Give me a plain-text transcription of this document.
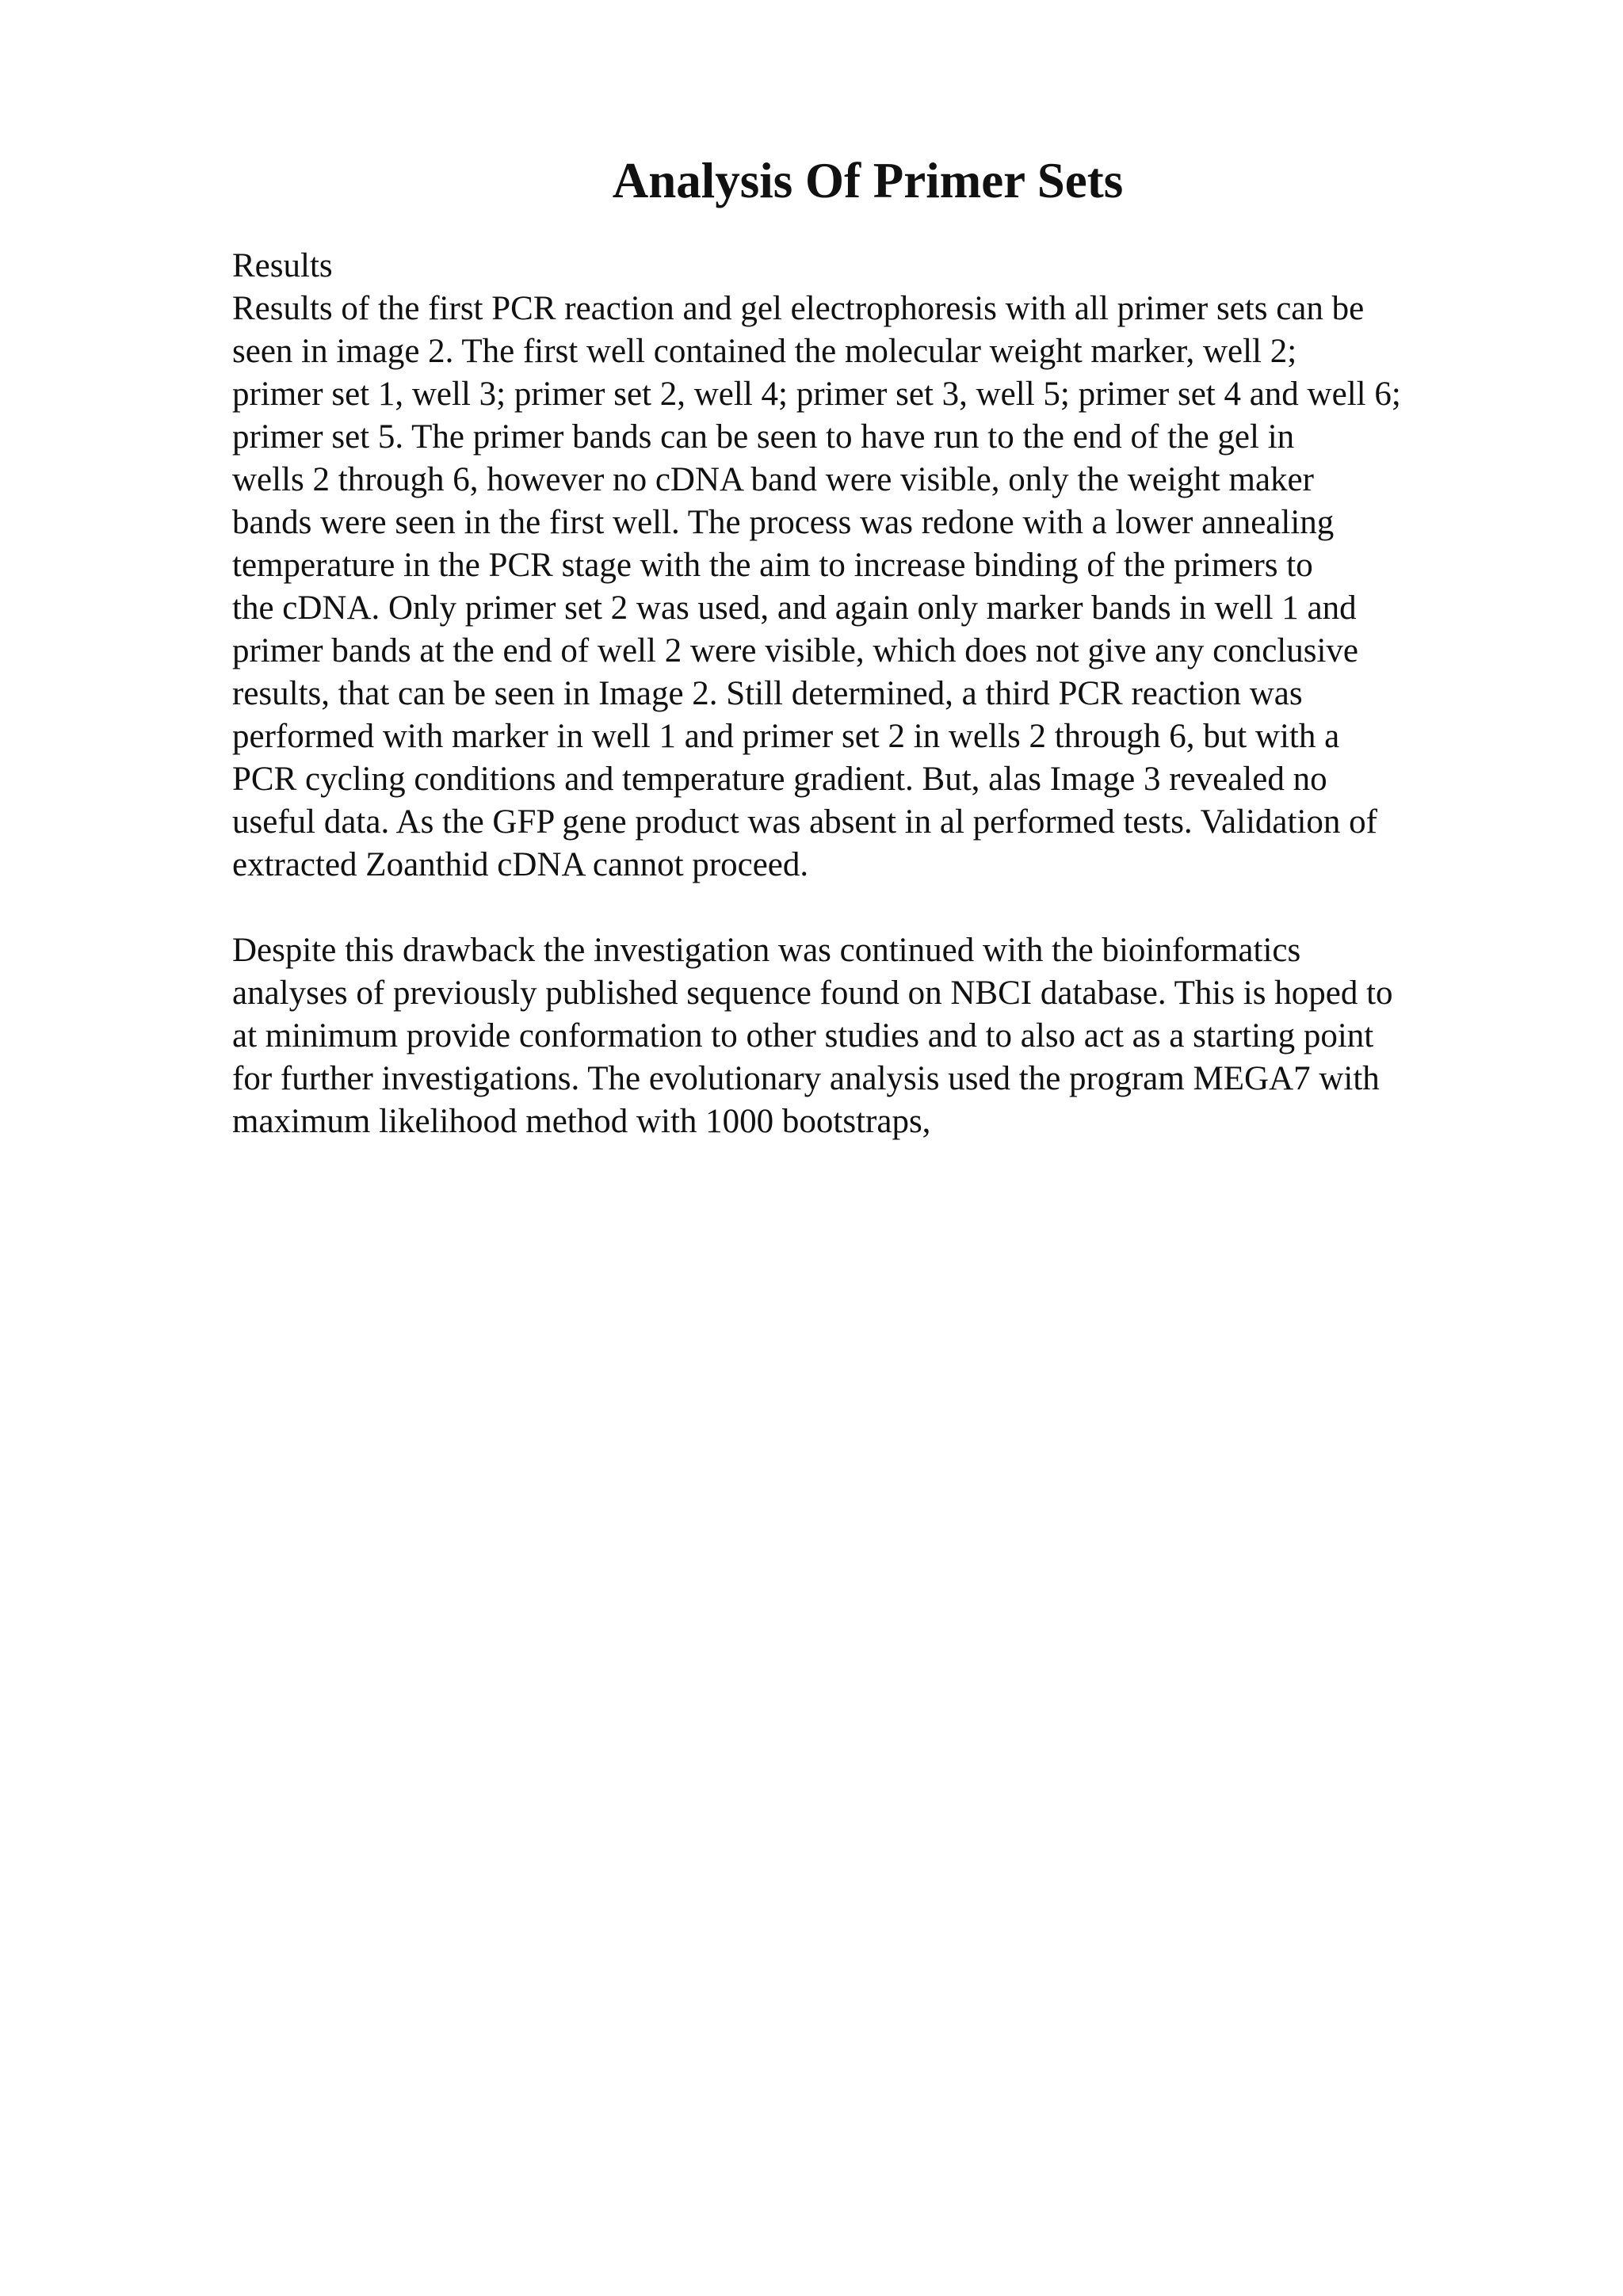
Analysis Of Primer Sets
Results
Results of the first PCR reaction and gel electrophoresis with all primer sets can be
seen in image 2. The first well contained the molecular weight marker, well 2;
primer set 1, well 3; primer set 2, well 4; primer set 3, well 5; primer set 4 and well 6;
primer set 5. The primer bands can be seen to have run to the end of the gel in
wells 2 through 6, however no cDNA band were visible, only the weight maker
bands were seen in the first well. The process was redone with a lower annealing
temperature in the PCR stage with the aim to increase binding of the primers to
the cDNA. Only primer set 2 was used, and again only marker bands in well 1 and
primer bands at the end of well 2 were visible, which does not give any conclusive
results, that can be seen in Image 2. Still determined, a third PCR reaction was
performed with marker in well 1 and primer set 2 in wells 2 through 6, but with a
PCR cycling conditions and temperature gradient. But, alas Image 3 revealed no
useful data. As the GFP gene product was absent in al performed tests. Validation of
extracted Zoanthid cDNA cannot proceed.
Despite this drawback the investigation was continued with the bioinformatics
analyses of previously published sequence found on NBCI database. This is hoped to
at minimum provide conformation to other studies and to also act as a starting point
for further investigations. The evolutionary analysis used the program MEGA7 with
maximum likelihood method with 1000 bootstraps,
